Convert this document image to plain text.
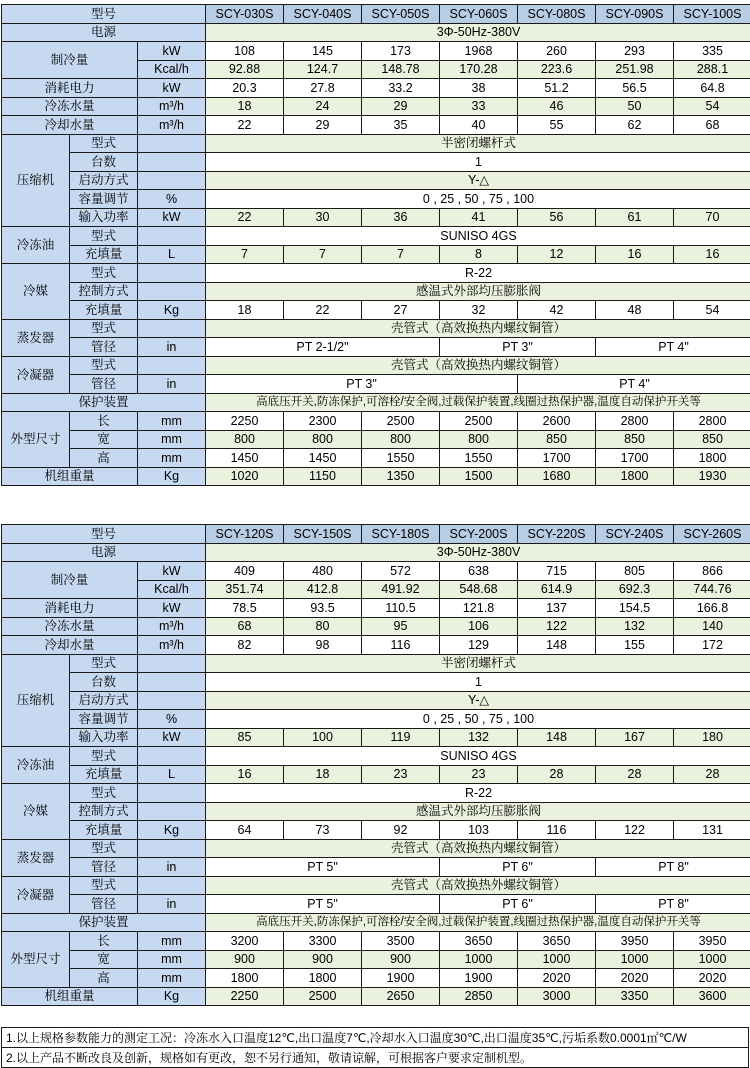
型号			SCY-030S	SCY-040S	SCY-050S	SCY-060S	SCY-080S	SCY-090S	SCY-100S
电源			3Φ-50Hz-380V						
制冷量		kW	108	145	173	1968	260	293	335
		Kcal/h	92.88	124.7	148.78	170.28	223.6	251.98	288.1
消耗电力		kW	20.3	27.8	33.2	38	51.2	56.5	64.8
冷冻水量		m³/h	18	24	29	33	46	50	54
冷却水量		m³/h	22	29	35	40	55	62	68
压缩机	型式		半密闭螺杆式						
	台数		1						
	启动方式		Y-△						
	容量调节	%	0 , 25 , 50 , 75 , 100						
	输入功率	kW	22	30	36	41	56	61	70
冷冻油	型式		SUNISO 4GS						
	充填量	L	7	7	7	8	12	16	16
冷媒	型式		R-22						
	控制方式		感温式外部均压膨胀阀						
	充填量	Kg	18	22	27	32	42	48	54
蒸发器	型式		壳管式（高效换热内螺纹铜管）						
	管径	in	PT 2-1/2"			PT 3"		PT 4"	
冷凝器	型式		壳管式（高效换热内螺纹铜管）						
	管径	in	PT 3"				PT 4"		
保护装置			高底压开关,防冻保护,可溶栓/安全阀,过载保护装置,线圈过热保护器,温度自动保护开关等						
外型尺寸	长	mm	2250	2300	2500	2500	2600	2800	2800
	宽	mm	800	800	800	800	850	850	850
	高	mm	1450	1450	1550	1550	1700	1700	1800
机组重量		Kg	1020	1150	1350	1500	1680	1800	1930
型号			SCY-120S	SCY-150S	SCY-180S	SCY-200S	SCY-220S	SCY-240S	SCY-260S
电源			3Φ-50Hz-380V						
制冷量		kW	409	480	572	638	715	805	866
		Kcal/h	351.74	412.8	491.92	548.68	614.9	692.3	744.76
消耗电力		kW	78.5	93.5	110.5	121.8	137	154.5	166.8
冷冻水量		m³/h	68	80	95	106	122	132	140
冷却水量		m³/h	82	98	116	129	148	155	172
压缩机	型式		半密闭螺杆式						
	台数		1						
	启动方式		Y-△						
	容量调节	%	0 , 25 , 50 , 75 , 100						
	输入功率	kW	85	100	119	132	148	167	180
冷冻油	型式		SUNISO 4GS						
	充填量	L	16	18	23	23	28	28	28
冷媒	型式		R-22						
	控制方式		感温式外部均压膨胀阀						
	充填量	Kg	64	73	92	103	116	122	131
蒸发器	型式		壳管式（高效换热内螺纹铜管）						
	管径	in	PT 5"			PT 6"		PT 8"	
冷凝器	型式		壳管式（高效换热外螺纹铜管）						
	管径	in	PT 5"			PT 6"		PT 8"	
保护装置			高底压开关,防冻保护,可溶栓/安全阀,过载保护装置,线圈过热保护器,温度自动保护开关等						
外型尺寸	长	mm	3200	3300	3500	3650	3650	3950	3950
	宽	mm	900	900	900	1000	1000	1000	1000
	高	mm	1800	1800	1900	1900	2020	2020	2020
机组重量		Kg	2250	2500	2650	2850	3000	3350	3600
1.以上规格参数能力的测定工况：冷冻水入口温度12℃,出口温度7℃,冷却水入口温度30℃,出口温度35℃,污垢系数0.0001㎡℃/W
2.以上产品不断改良及创新，规格如有更改，恕不另行通知，敬请谅解，可根据客户要求定制机型。
